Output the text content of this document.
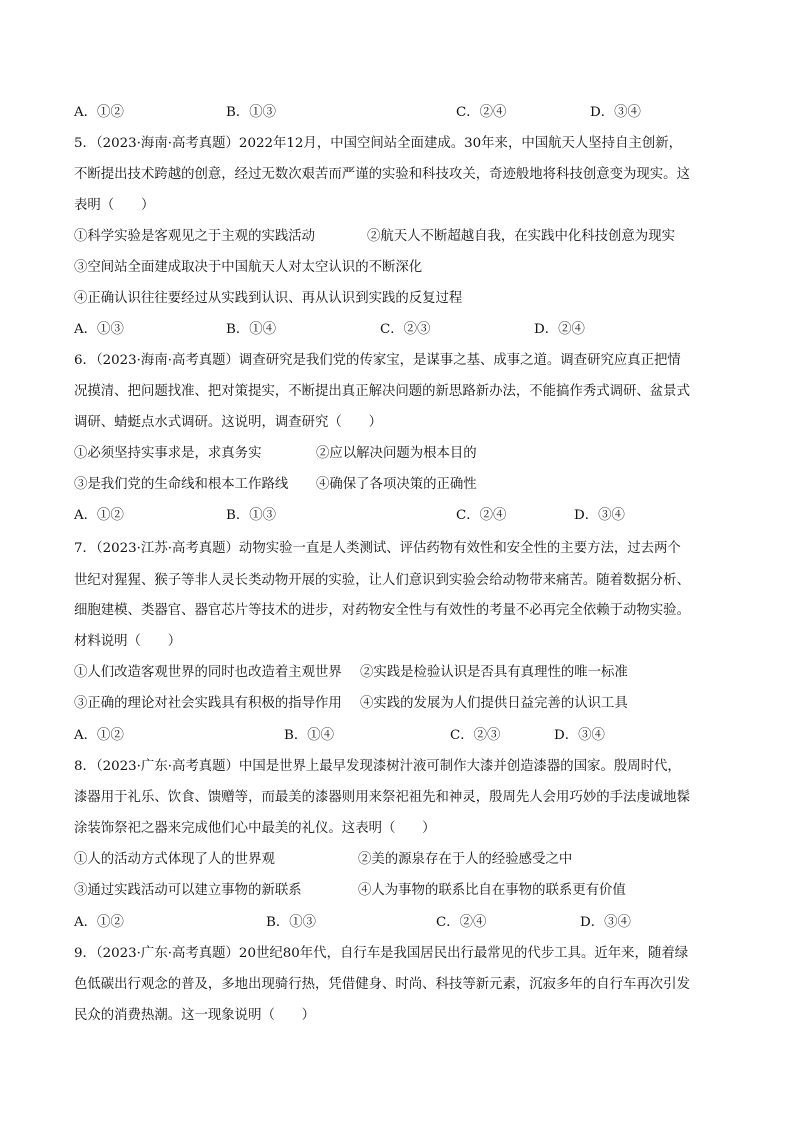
A．①②	B．①③	C．②④	D．③④
5．（2023·海南·高考真题）2022年12月，中国空间站全面建成。30年来，中国航天人坚持自主创新，
不断提出技术跨越的创意，经过无数次艰苦而严谨的实验和科技攻关，奇迹般地将科技创意变为现实。这
表明（　　）
①科学实验是客观见之于主观的实践活动	②航天人不断超越自我，在实践中化科技创意为现实
③空间站全面建成取决于中国航天人对太空认识的不断深化
④正确认识往往要经过从实践到认识、再从认识到实践的反复过程
A．①③	B．①④	C．②③	D．②④
6．（2023·海南·高考真题）调查研究是我们党的传家宝，是谋事之基、成事之道。调查研究应真正把情
况摸清、把问题找准、把对策提实，不断提出真正解决问题的新思路新办法，不能搞作秀式调研、盆景式
调研、蜻蜓点水式调研。这说明，调查研究（　　）
①必须坚持实事求是，求真务实	②应以解决问题为根本目的
③是我们党的生命线和根本工作路线 ④确保了各项决策的正确性
A．①②	B．①③	C．②④	D．③④
7．（2023·江苏·高考真题）动物实验一直是人类测试、评估药物有效性和安全性的主要方法，过去两个
世纪对猩猩、猴子等非人灵长类动物开展的实验，让人们意识到实验会给动物带来痛苦。随着数据分析、
细胞建模、类器官、器官芯片等技术的进步，对药物安全性与有效性的考量不必再完全依赖于动物实验。
材料说明（　　）
①人们改造客观世界的同时也改造着主观世界 ②实践是检验认识是否具有真理性的唯一标准
③正确的理论对社会实践具有积极的指导作用 ④实践的发展为人们提供日益完善的认识工具
A．①②	B．①④	C．②③	D．③④
8．（2023·广东·高考真题）中国是世界上最早发现漆树汁液可制作大漆并创造漆器的国家。殷周时代，
漆器用于礼乐、饮食、馈赠等，而最美的漆器则用来祭祀祖先和神灵，殷周先人会用巧妙的手法虔诚地髹
涂装饰祭祀之器来完成他们心中最美的礼仪。这表明（　　）
①人的活动方式体现了人的世界观	②美的源泉存在于人的经验感受之中
③通过实践活动可以建立事物的新联系	④人为事物的联系比自在事物的联系更有价值
A．①②	B．①③	C．②④	D．③④
9．（2023·广东·高考真题）20世纪80年代，自行车是我国居民出行最常见的代步工具。近年来，随着绿
色低碳出行观念的普及，多地出现骑行热，凭借健身、时尚、科技等新元素，沉寂多年的自行车再次引发
民众的消费热潮。这一现象说明（　　）
